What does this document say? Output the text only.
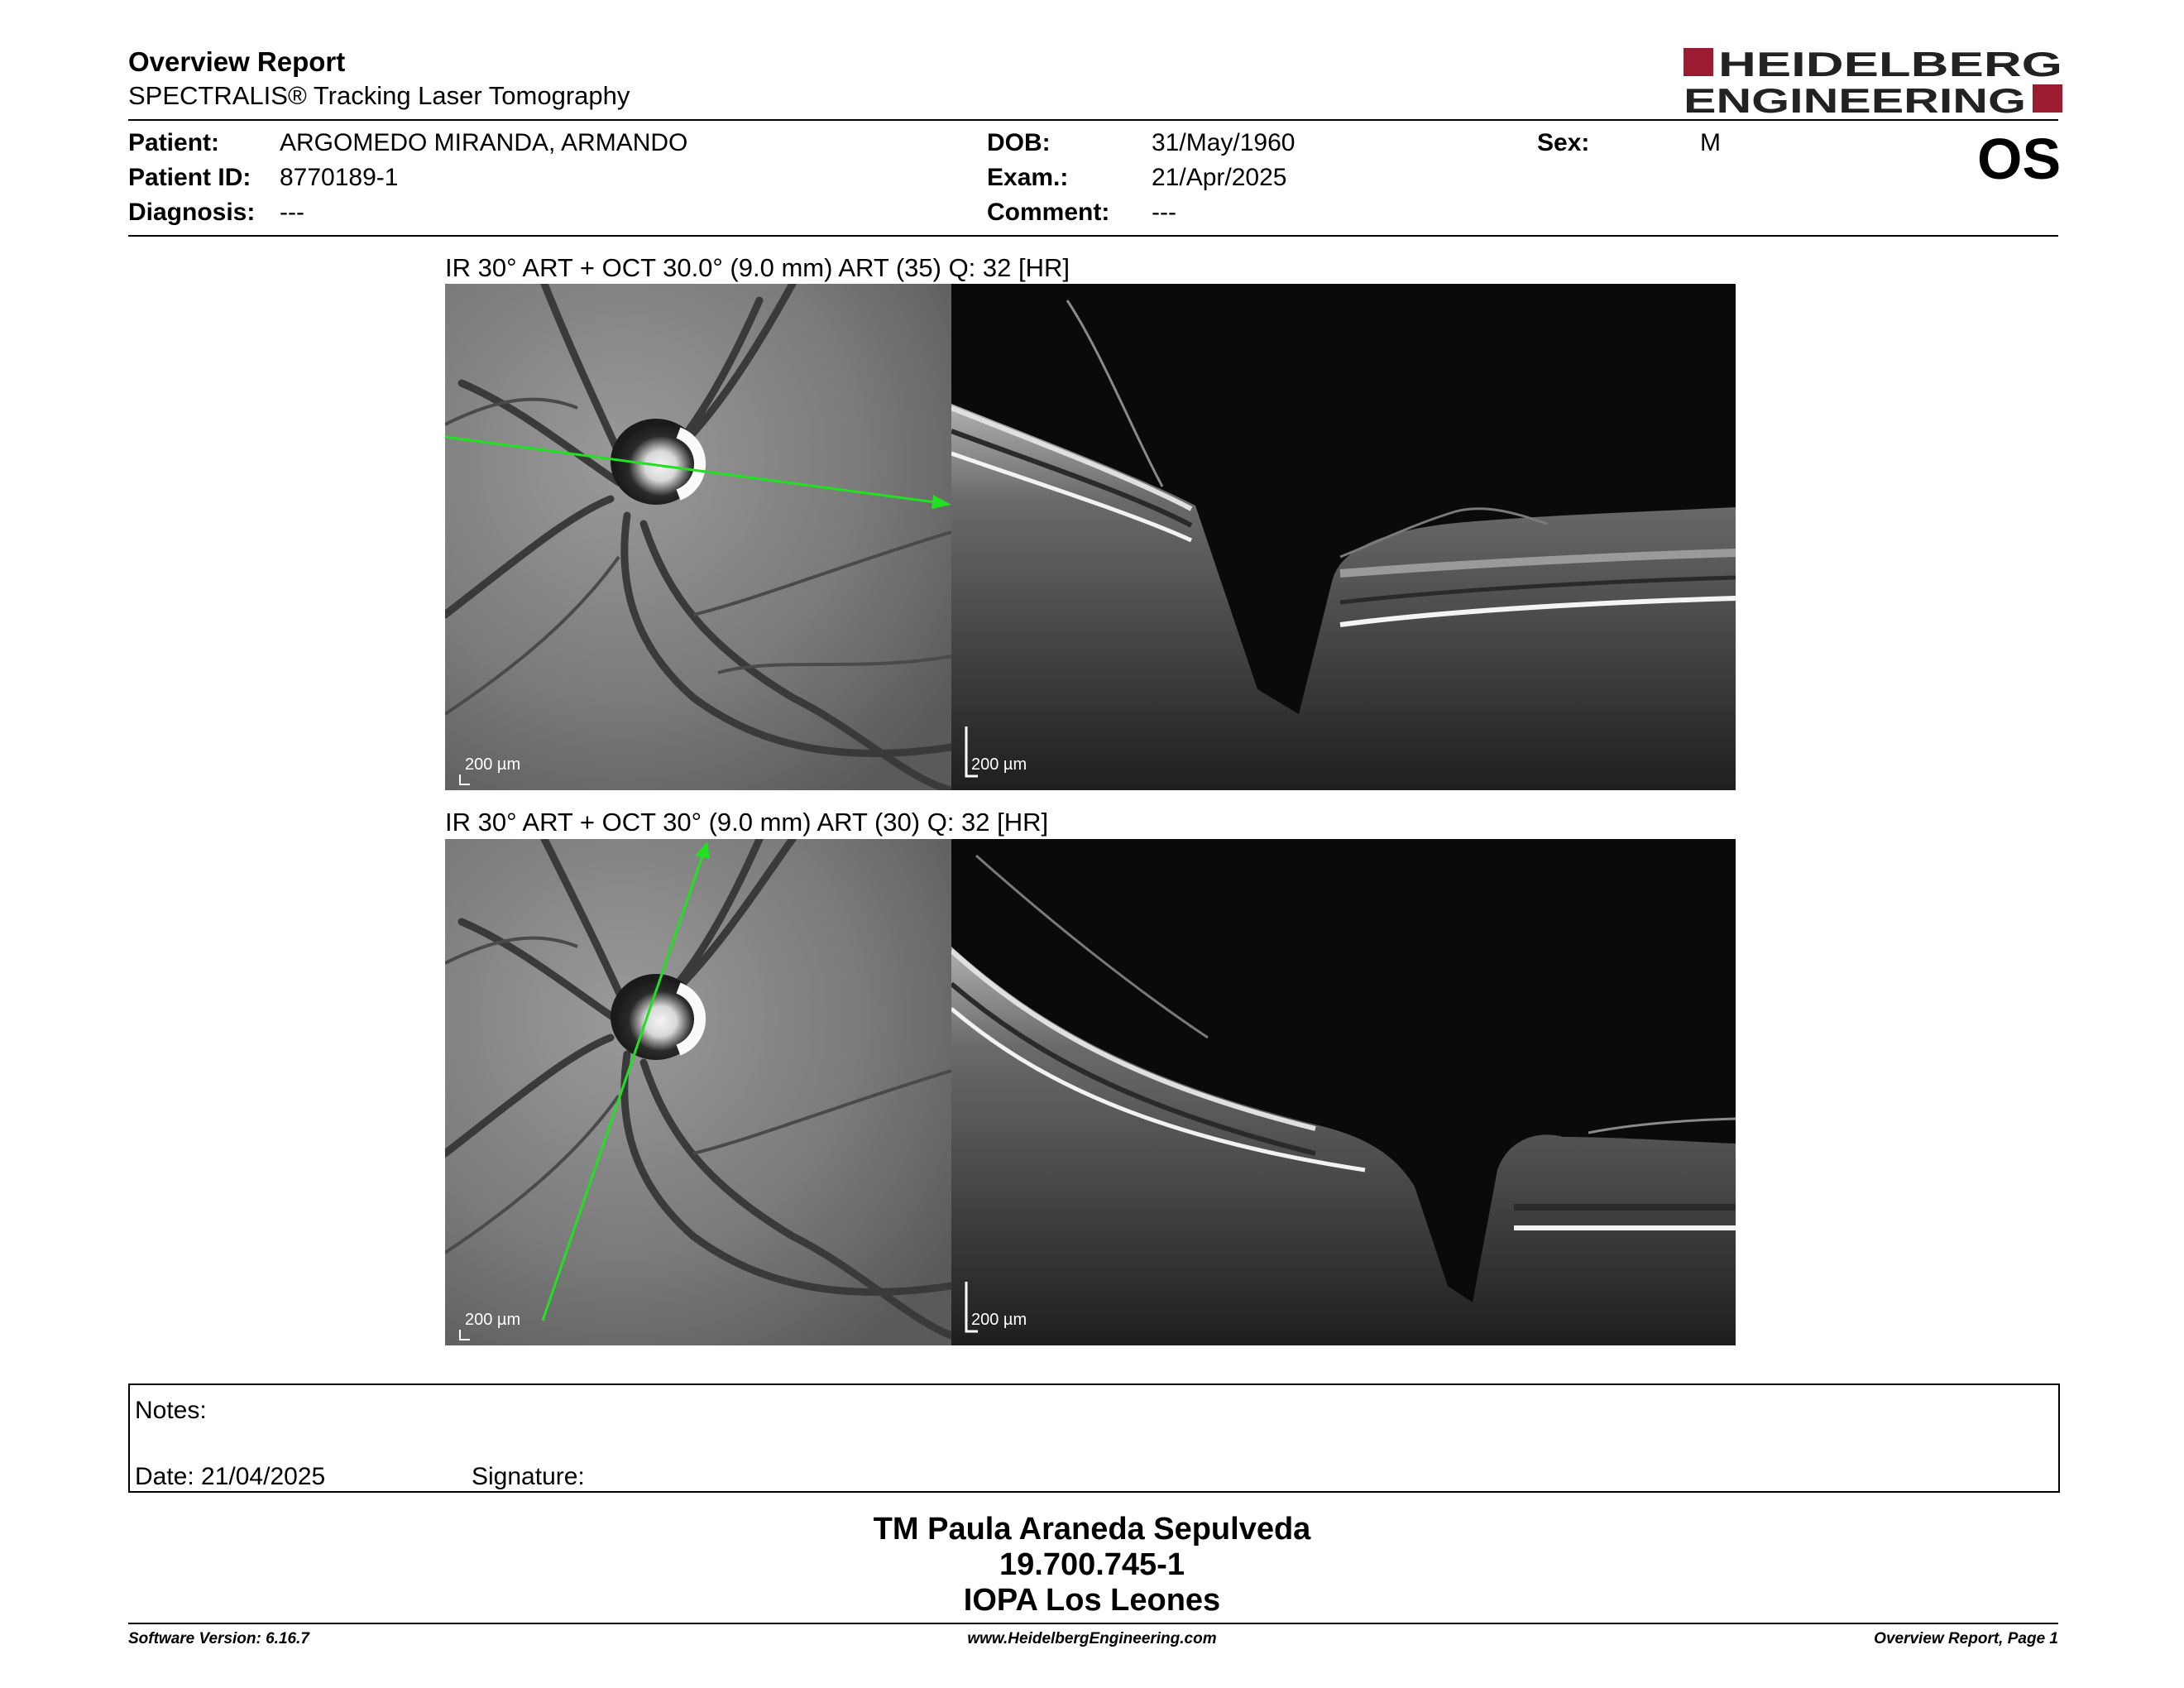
Overview Report
SPECTRALIS® Tracking Laser Tomography
HEIDELBERG
ENGINEERING
Patient: ARGOMEDO MIRANDA, ARMANDO
Patient ID: 8770189-1
Diagnosis: ---
DOB:	31/May/1960
Exam.:	21/Apr/2025
Comment: ---
Sex:	M	OS
IR 30° ART + OCT 30.0° (9.0 mm) ART (35) Q: 32 [HR]
200 µm	200 µm
IR 30° ART + OCT 30° (9.0 mm) ART (30) Q: 32 [HR]
200 µm	200 µm
Notes:
Date: 21/04/2025	Signature:
TM Paula Araneda Sepulveda
19.700.745-1
IOPA Los Leones
Software Version: 6.16.7	www.HeidelbergEngineering.com	Overview Report, Page 1
